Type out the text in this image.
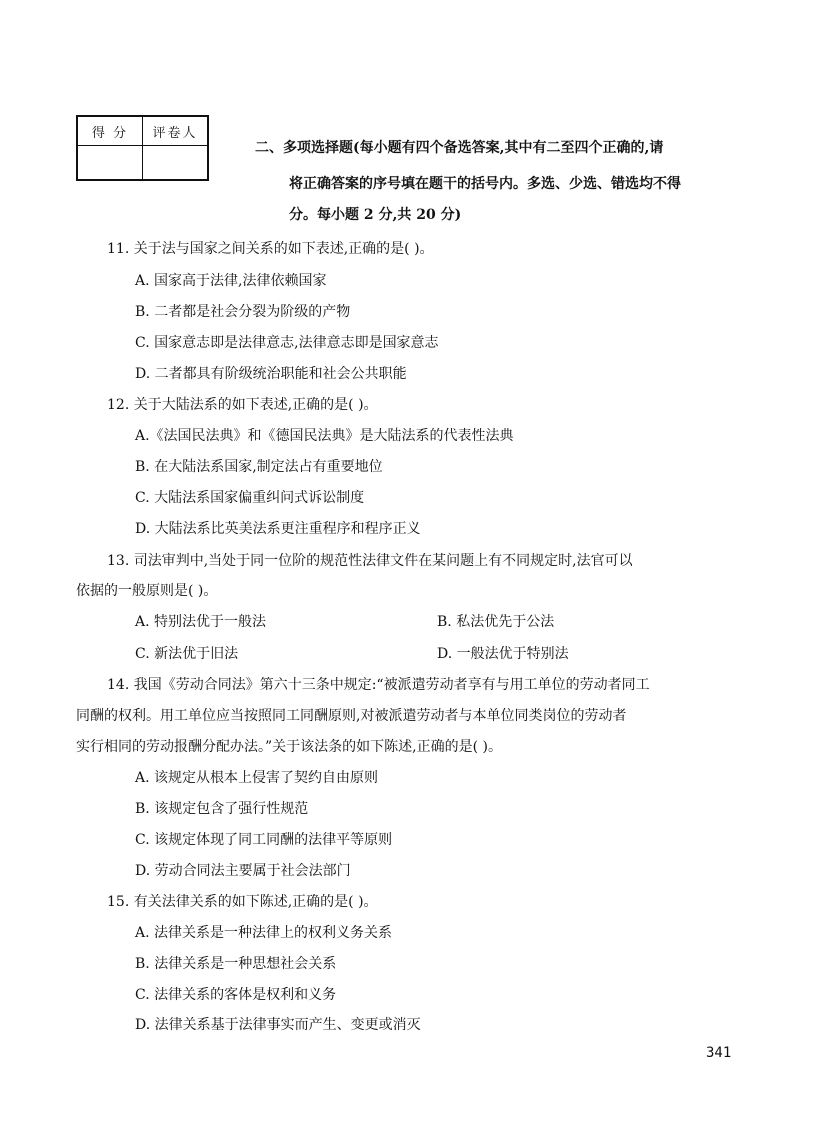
得 分	评卷人

二、多项选择题(每小题有四个备选答案,其中有二至四个正确的,请
将正确答案的序号填在题干的括号内。多选、少选、错选均不得
分。每小题 2 分,共 20 分)
11. 关于法与国家之间关系的如下表述,正确的是( )。
A. 国家高于法律,法律依赖国家
B. 二者都是社会分裂为阶级的产物
C. 国家意志即是法律意志,法律意志即是国家意志
D. 二者都具有阶级统治职能和社会公共职能
12. 关于大陆法系的如下表述,正确的是( )。
A.《法国民法典》和《德国民法典》是大陆法系的代表性法典
B. 在大陆法系国家,制定法占有重要地位
C. 大陆法系国家偏重纠问式诉讼制度
D. 大陆法系比英美法系更注重程序和程序正义
13. 司法审判中,当处于同一位阶的规范性法律文件在某问题上有不同规定时,法官可以
依据的一般原则是( )。
A. 特别法优于一般法	B. 私法优先于公法
C. 新法优于旧法	D. 一般法优于特别法
14. 我国《劳动合同法》第六十三条中规定:“被派遣劳动者享有与用工单位的劳动者同工
同酬的权利。用工单位应当按照同工同酬原则,对被派遣劳动者与本单位同类岗位的劳动者
实行相同的劳动报酬分配办法。”关于该法条的如下陈述,正确的是( )。
A. 该规定从根本上侵害了契约自由原则
B. 该规定包含了强行性规范
C. 该规定体现了同工同酬的法律平等原则
D. 劳动合同法主要属于社会法部门
15. 有关法律关系的如下陈述,正确的是( )。
A. 法律关系是一种法律上的权利义务关系
B. 法律关系是一种思想社会关系
C. 法律关系的客体是权利和义务
D. 法律关系基于法律事实而产生、变更或消灭
341
